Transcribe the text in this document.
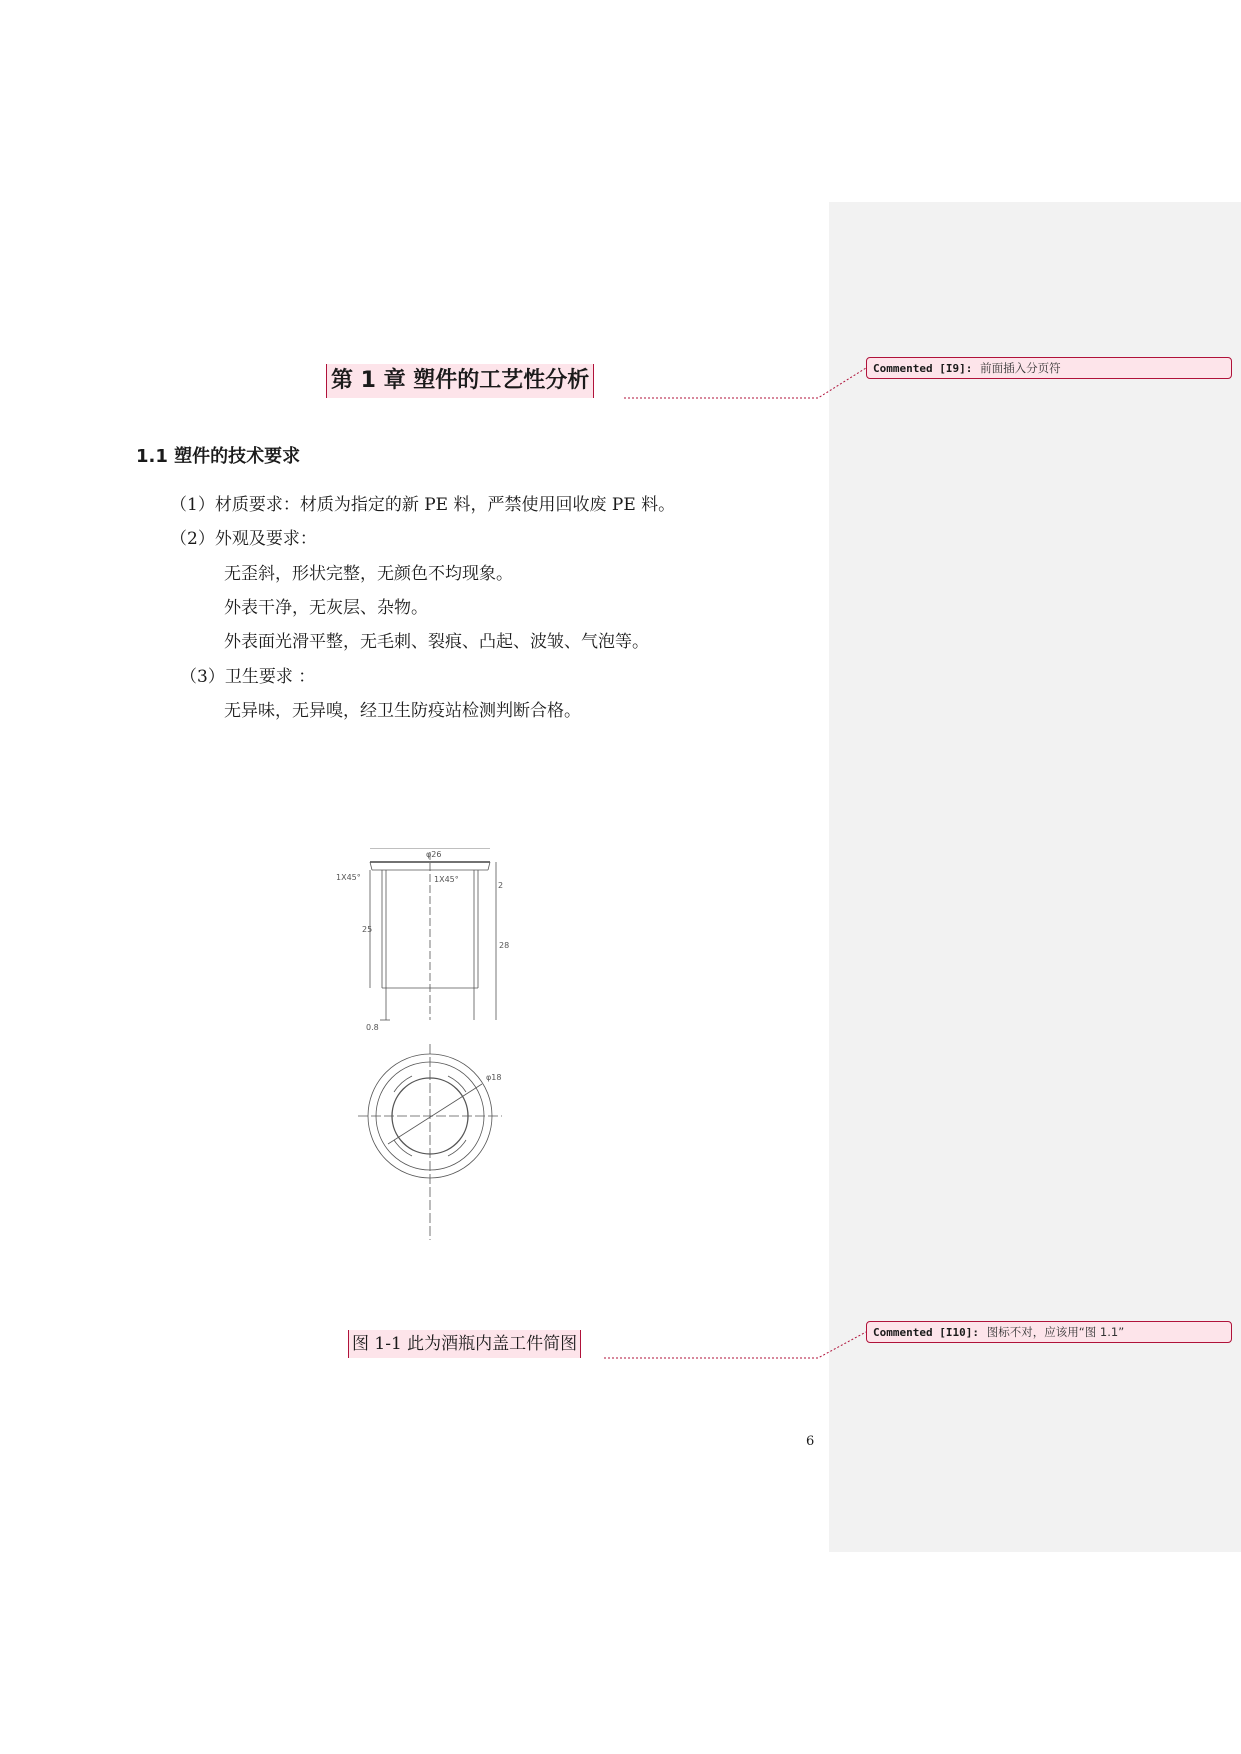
第 1 章 塑件的工艺性分析
1.1 塑件的技术要求
（1）材质要求：材质为指定的新 PE 料，严禁使用回收废 PE 料。
（2）外观及要求：
无歪斜，形状完整，无颜色不均现象。
外表干净，无灰层、杂物。
外表面光滑平整，无毛刺、裂痕、凸起、波皱、气泡等。
（3）卫生要求 ：
无异味，无异嗅，经卫生防疫站检测判断合格。
φ26
1X45°	1X45°
25
28
2
0.8
φ18
图 1-1 此为酒瓶内盖工件简图
6
Commented [I9]: 前面插入分页符
Commented [I10]: 图标不对，应该用“图 1.1”
